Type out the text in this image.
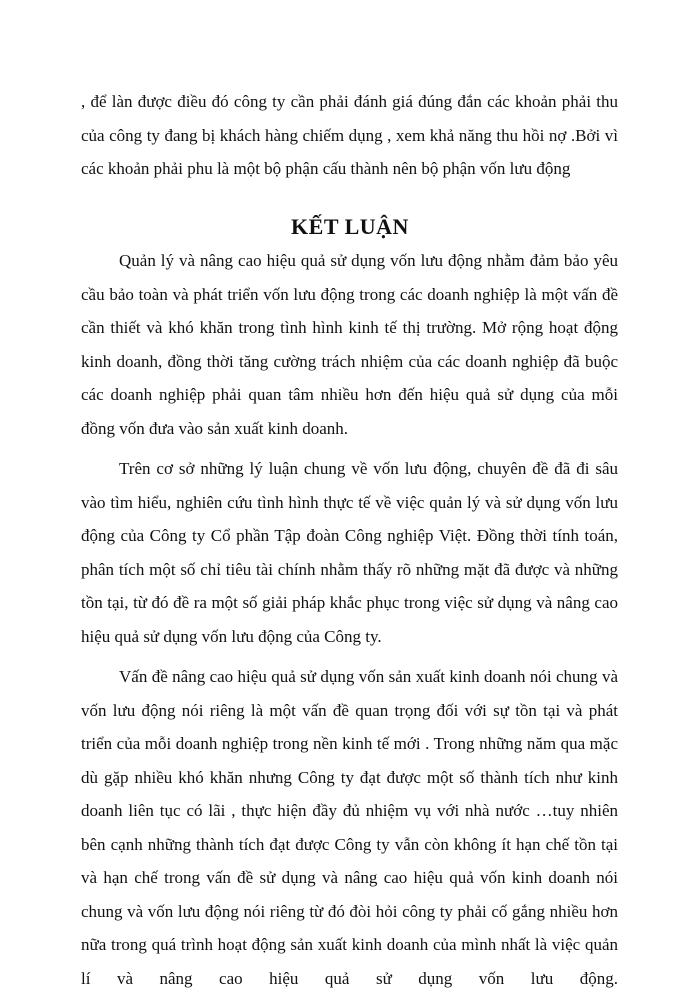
, để làn được điều đó công ty cần phải đánh giá đúng đắn các khoản phải thu của công ty đang bị khách hàng chiếm dụng , xem khả năng thu hồi nợ .Bởi vì các khoản phải phu là một bộ phận cấu thành nên bộ phận vốn lưu động

KẾT LUẬN

Quản lý và nâng cao hiệu quả sử dụng vốn lưu động nhằm đảm bảo yêu cầu bảo toàn và phát triển vốn lưu động trong các doanh nghiệp là một vấn đề cần thiết và khó khăn trong tình hình kinh tế thị trường. Mở rộng hoạt động kinh doanh, đồng thời tăng cường trách nhiệm của các doanh nghiệp đã buộc các doanh nghiệp phải quan tâm nhiều hơn đến hiệu quả sử dụng của mỗi đồng vốn đưa vào sản xuất kinh doanh.

Trên cơ sở những lý luận chung về vốn lưu động, chuyên đề đã đi sâu vào tìm hiểu, nghiên cứu tình hình thực tế về việc quản lý và sử dụng vốn lưu động của Công ty Cổ phần Tập đoàn Công nghiệp Việt. Đồng thời tính toán, phân tích một số chỉ tiêu tài chính nhằm thấy rõ những mặt đã được và những tồn tại, từ đó đề ra một số giải pháp khắc phục trong việc sử dụng và nâng cao hiệu quả sử dụng vốn lưu động của Công ty.

Vấn đề nâng cao hiệu quả sử dụng vốn sản xuất kinh doanh nói chung và vốn lưu động nói riêng là một vấn đề quan trọng đối với sự tồn tại và phát triển của mỗi doanh nghiệp trong nền kinh tế mới . Trong những năm qua mặc dù gặp nhiều khó khăn nhưng Công ty đạt được một số thành tích như kinh doanh liên tục có lãi , thực hiện đầy đủ nhiệm vụ với nhà nước …tuy nhiên bên cạnh những thành tích đạt được Công ty vẫn còn không ít hạn chế tồn tại và hạn chế trong vấn đề sử dụng và nâng cao hiệu quả vốn kinh doanh nói chung và vốn lưu động nói riêng từ đó đòi hỏi công ty phải cố gắng nhiều hơn nữa trong quá trình hoạt động sản xuất kinh doanh của mình nhất là việc quản lí và nâng cao hiệu quả sử dụng vốn lưu động.
